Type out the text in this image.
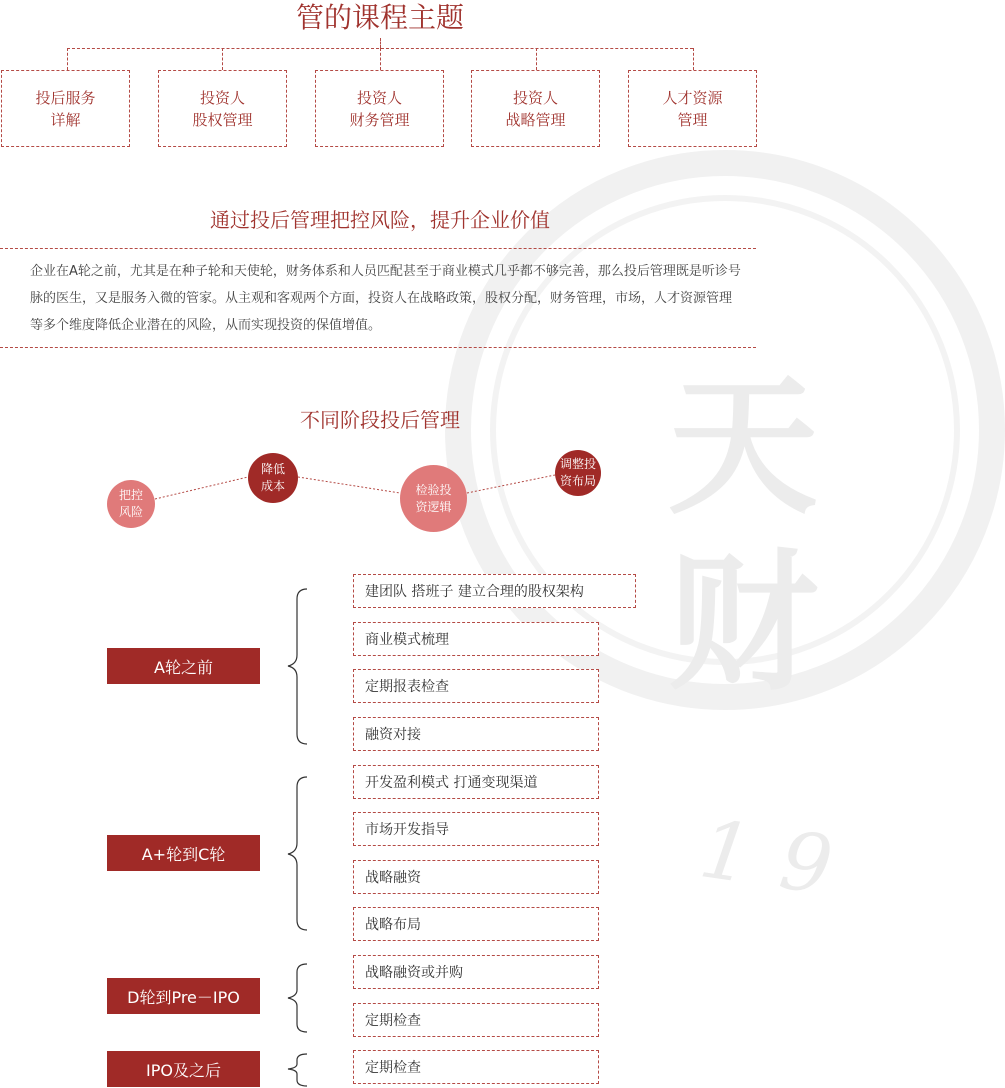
天
财
19
管的课程主题
投后服务
详解
投资人
股权管理
投资人
财务管理
投资人
战略管理
人才资源
管理
通过投后管理把控风险，提升企业价值
企业在A轮之前，尤其是在种子轮和天使轮，财务体系和人员匹配甚至于商业模式几乎都不够完善，那么投后管理既是听诊号脉的医生，又是服务入微的管家。从主观和客观两个方面，投资人在战略政策，股权分配，财务管理，市场，人才资源管理等多个维度降低企业潜在的风险，从而实现投资的保值增值。
不同阶段投后管理
把控
风险
降低
成本	检验投
资逻辑
调整投
资布局
A轮之前
A+轮到C轮
D轮到Pre－IPO
IPO及之后
建团队 搭班子 建立合理的股权架构
商业模式梳理
定期报表检查
融资对接
开发盈利模式 打通变现渠道
市场开发指导
战略融资
战略布局
战略融资或并购
定期检查
定期检查
